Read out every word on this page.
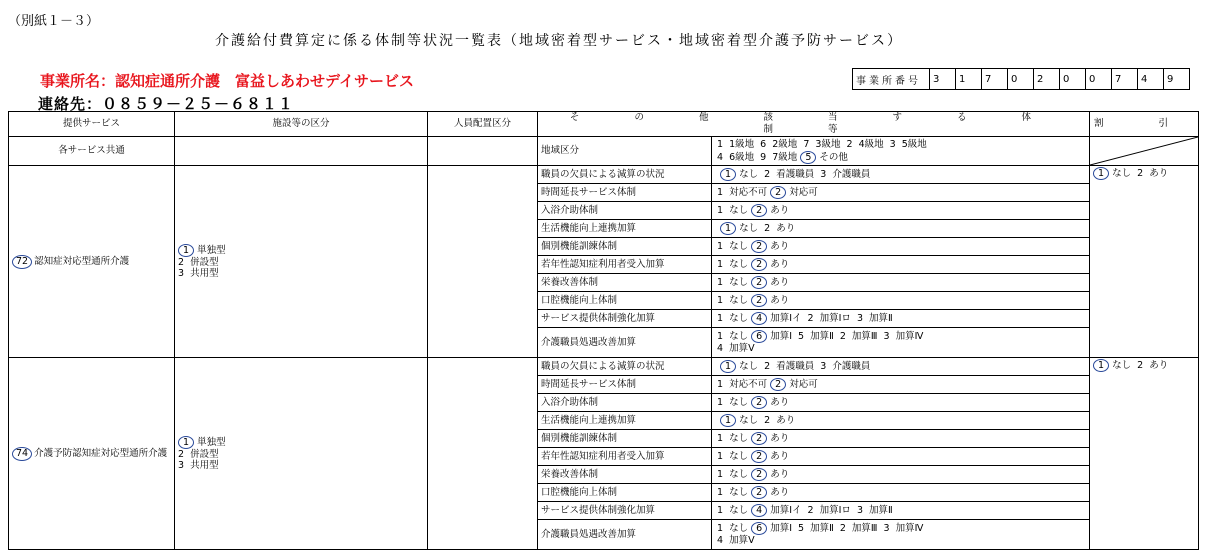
（別紙１－３）
介護給付費算定に係る体制等状況一覧表（地域密着型サービス・地域密着型介護予防サービス）
事業所名：認知症通所介護　富益しあわせデイサービス
連絡先：０８５９－２５－６８１１
事業所番号	3	1	7	0	2	0	0	7	4	9
提供サービス	施設等の区分	人員配置区分	そ の 他 該 当 す る 体 制 等		割 引
各サービス共通			地域区分	1  1級地  6  2級地  7  3級地  2  4級地  3  5級地
4  6級地  9  7級地 5 その他

72 認知症対応型通所介護	1 単独型
2  併設型
3  共用型		職員の欠員による減算の状況	1 なし  2  看護職員  3  介護職員	1 なし  2  あり
			時間延長サービス体制	1  対応不可 2 対応可	

			入浴介助体制	1  なし 2 あり	

			生活機能向上連携加算	1 なし  2  あり	

			個別機能訓練体制	1  なし 2 あり	

			若年性認知症利用者受入加算	1  なし 2 あり	

			栄養改善体制	1  なし 2 あり	

			口腔機能向上体制	1  なし 2 あり	

			サービス提供体制強化加算	1  なし 4 加算Ⅰイ  2  加算Ⅰロ  3  加算Ⅱ	

			介護職員処遇改善加算	1  なし 6 加算Ⅰ  5  加算Ⅱ  2  加算Ⅲ  3  加算Ⅳ
4  加算Ⅴ	

74 介護予防認知症対応型通所介護	1 単独型
2  併設型
3  共用型		職員の欠員による減算の状況	1 なし  2  看護職員  3  介護職員	1 なし  2  あり
			時間延長サービス体制	1  対応不可 2 対応可	

			入浴介助体制	1  なし 2 あり	

			生活機能向上連携加算	1 なし  2  あり	

			個別機能訓練体制	1  なし 2 あり	

			若年性認知症利用者受入加算	1  なし 2 あり	

			栄養改善体制	1  なし 2 あり	

			口腔機能向上体制	1  なし 2 あり	

			サービス提供体制強化加算	1  なし 4 加算Ⅰイ  2  加算Ⅰロ  3  加算Ⅱ	

			介護職員処遇改善加算	1  なし 6 加算Ⅰ  5  加算Ⅱ  2  加算Ⅲ  3  加算Ⅳ
4  加算Ⅴ	
